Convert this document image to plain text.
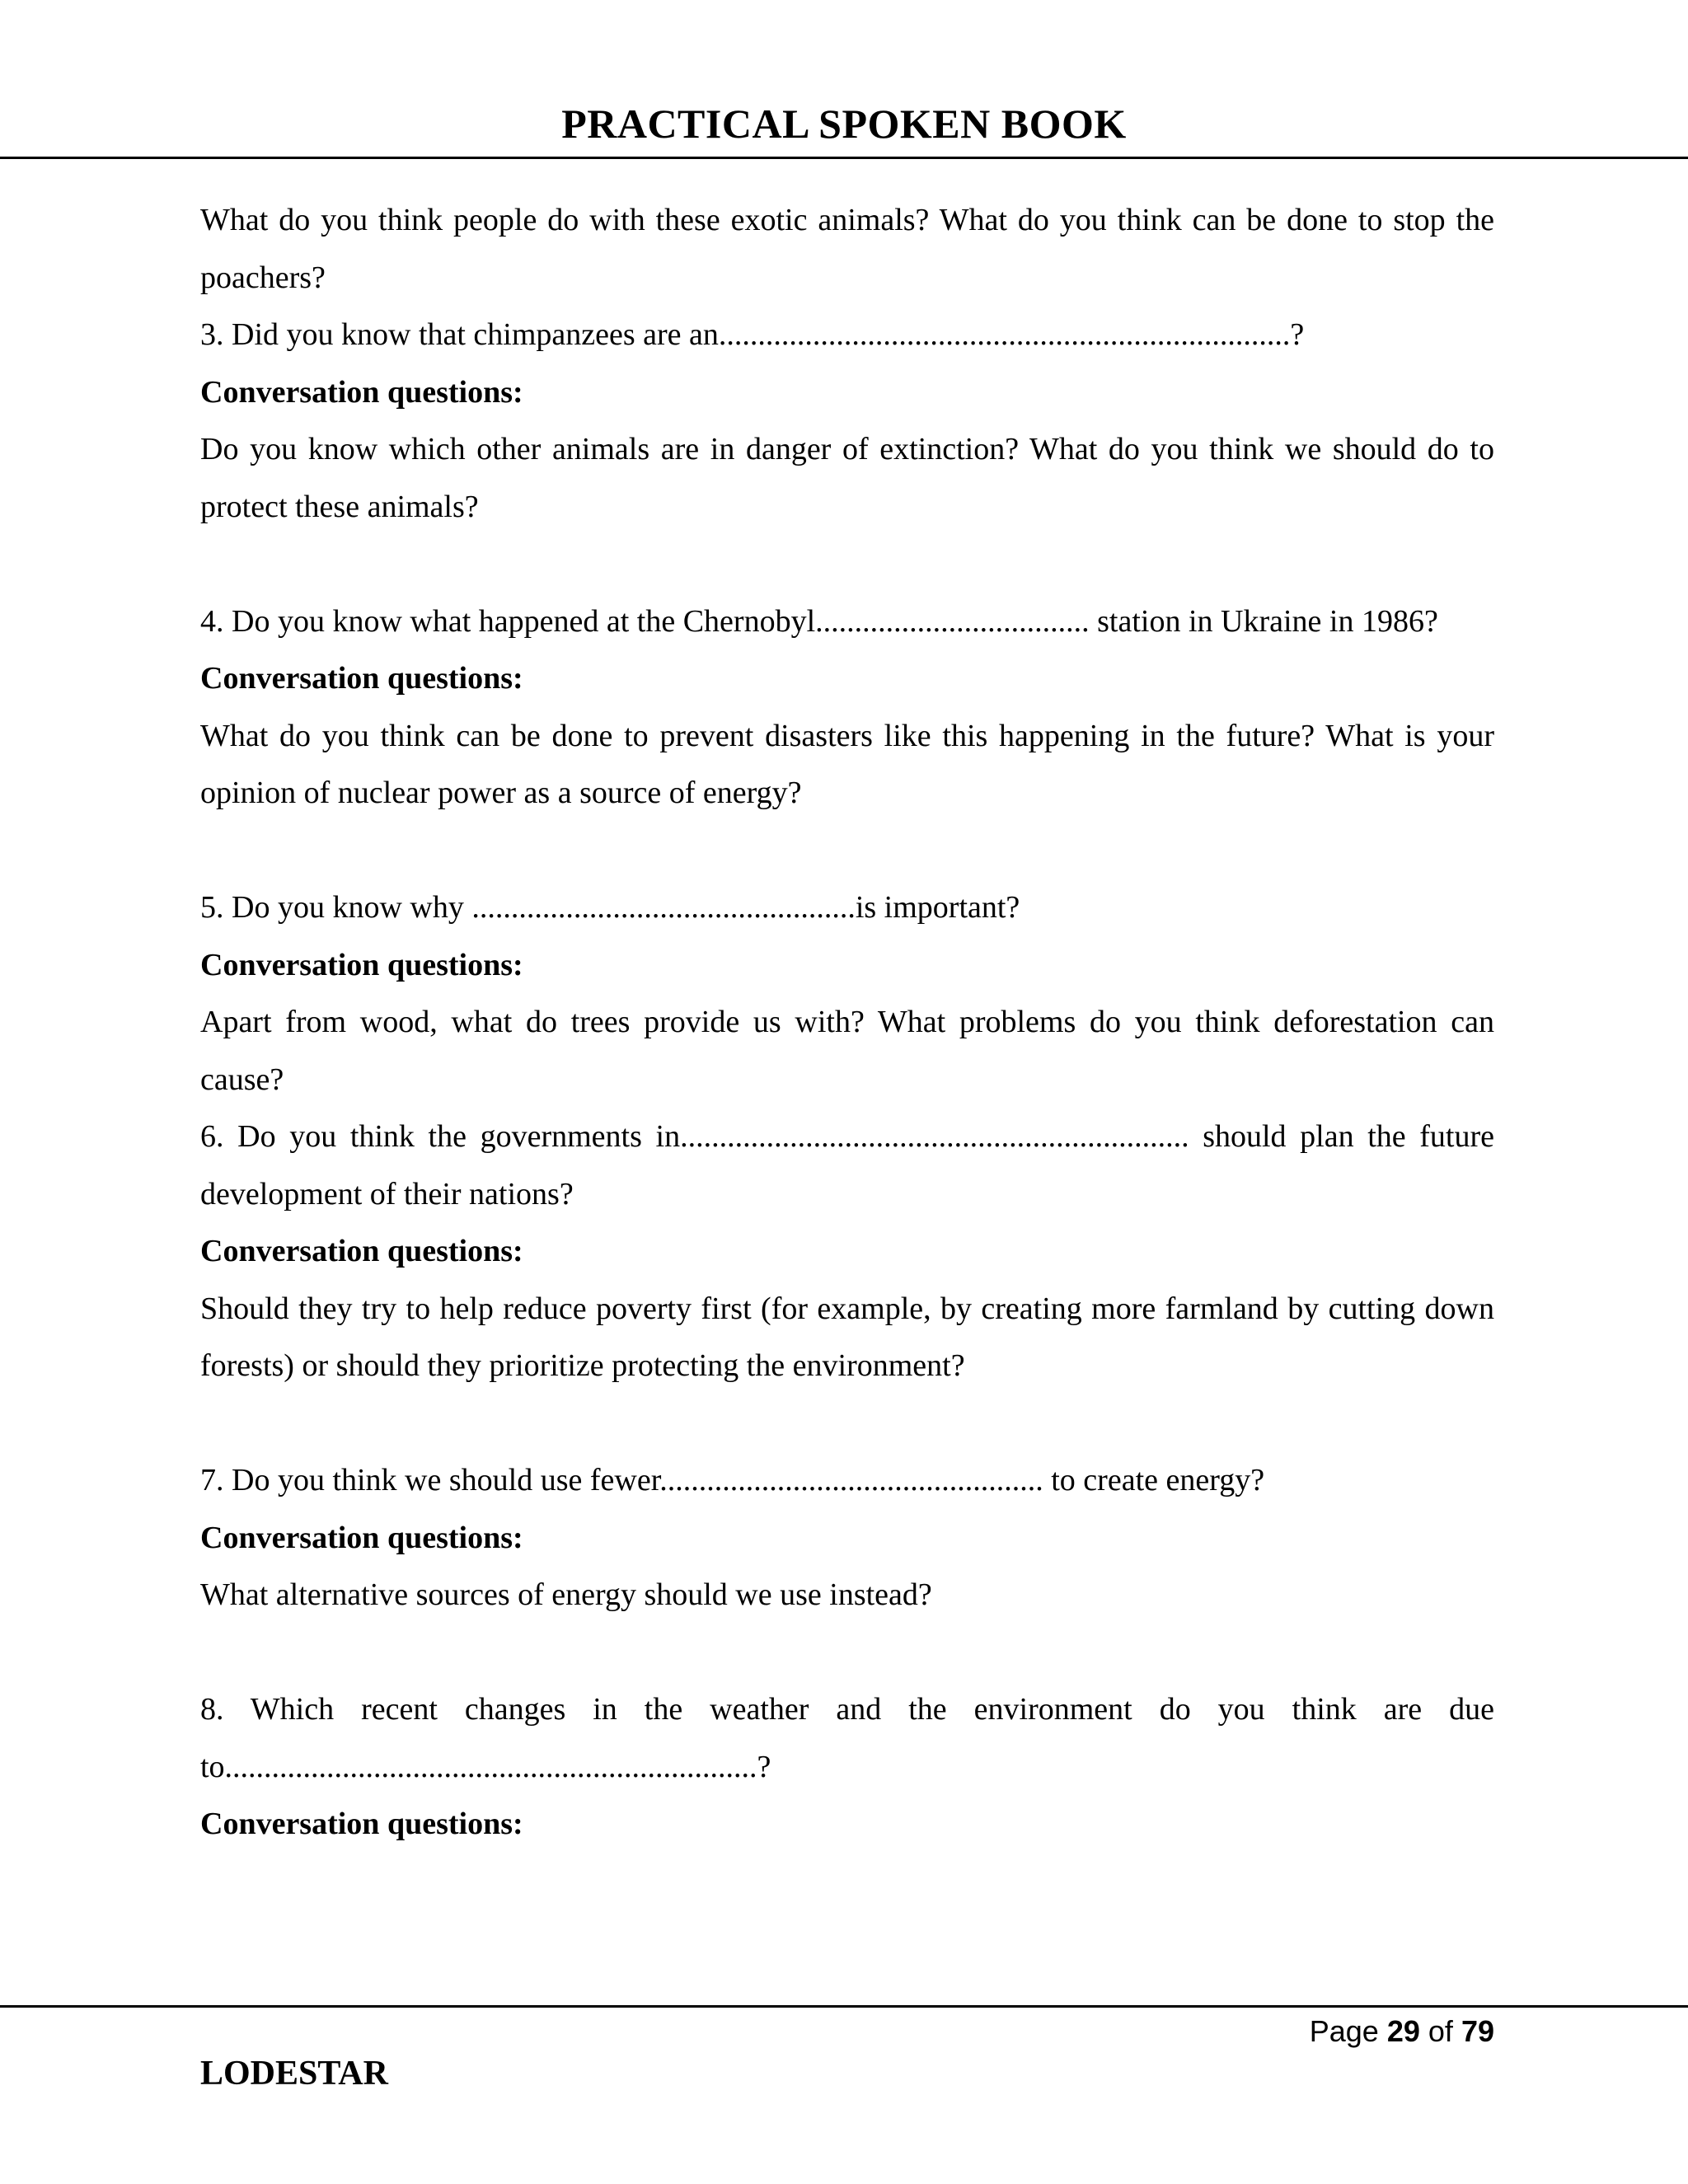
PRACTICAL SPOKEN BOOK

What do you think people do with these exotic animals? What do you think can be done to stop the poachers?

3. Did you know that chimpanzees are an.........................................................................?

Conversation questions:

Do you know which other animals are in danger of extinction? What do you think we should do to protect these animals?

4. Do you know what happened at the Chernobyl................................... station in Ukraine in 1986?

Conversation questions:

What do you think can be done to prevent disasters like this happening in the future? What is your opinion of nuclear power as a source of energy?

5. Do you know why .................................................is important?

Conversation questions:

Apart from wood, what do trees provide us with? What problems do you think deforestation can cause?

6. Do you think the governments in................................................................. should plan the future development of their nations?

Conversation questions:

Should they try to help reduce poverty first (for example, by creating more farmland by cutting down forests) or should they prioritize protecting the environment?

7. Do you think we should use fewer................................................. to create energy?

Conversation questions:

What alternative sources of energy should we use instead?

8. Which recent changes in the weather and the environment do you think are due to....................................................................?

Conversation questions:

Page 29 of 79
LODESTAR
